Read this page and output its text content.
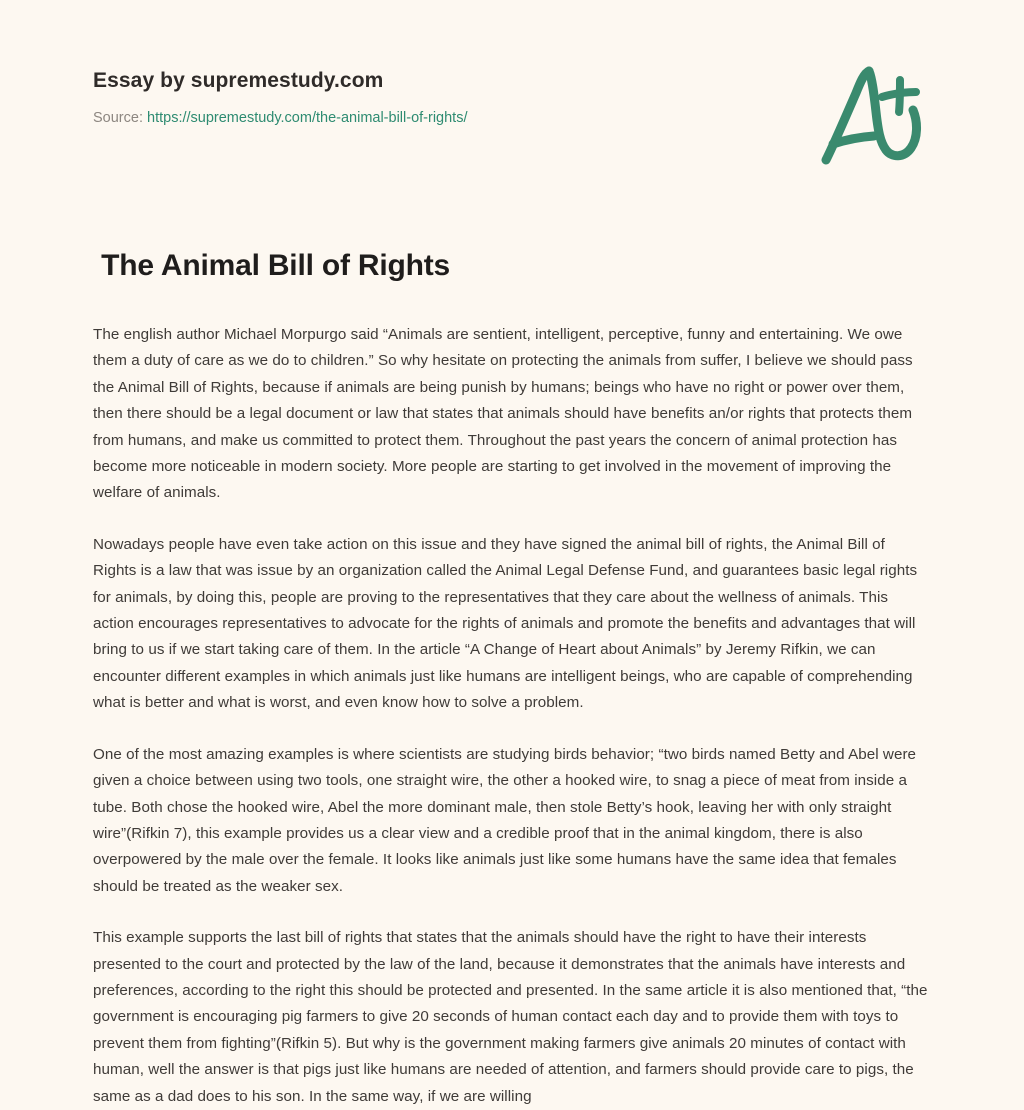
Essay by supremestudy.com
Source: https://supremestudy.com/the-animal-bill-of-rights/
The Animal Bill of Rights

The english author Michael Morpurgo said “Animals are sentient, intelligent, perceptive, funny and entertaining. We owe them a duty of care as we do to children.” So why hesitate on protecting the animals from suffer, I believe we should pass the Animal Bill of Rights, because if animals are being punish by humans; beings who have no right or power over them, then there should be a legal document or law that states that animals should have benefits an/or rights that protects them from humans, and make us committed to protect them. Throughout the past years the concern of animal protection has become more noticeable in modern society. More people are starting to get involved in the movement of improving the welfare of animals.

Nowadays people have even take action on this issue and they have signed the animal bill of rights, the Animal Bill of Rights is a law that was issue by an organization called the Animal Legal Defense Fund, and guarantees basic legal rights for animals, by doing this, people are proving to the representatives that they care about the wellness of animals. This action encourages representatives to advocate for the rights of animals and promote the benefits and advantages that will bring to us if we start taking care of them. In the article “A Change of Heart about Animals” by Jeremy Rifkin, we can encounter different examples in which animals just like humans are intelligent beings, who are capable of comprehending what is better and what is worst, and even know how to solve a problem.

One of the most amazing examples is where scientists are studying birds behavior; “two birds named Betty and Abel were given a choice between using two tools, one straight wire, the other a hooked wire, to snag a piece of meat from inside a tube. Both chose the hooked wire, Abel the more dominant male, then stole Betty’s hook, leaving her with only straight wire”(Rifkin 7), this example provides us a clear view and a credible proof that in the animal kingdom, there is also overpowered by the male over the female. It looks like animals just like some humans have the same idea that females should be treated as the weaker sex.

This example supports the last bill of rights that states that the animals should have the right to have their interests presented to the court and protected by the law of the land, because it demonstrates that the animals have interests and preferences, according to the right this should be protected and presented. In the same article it is also mentioned that, “the government is encouraging pig farmers to give 20 seconds of human contact each day and to provide them with toys to prevent them from fighting”(Rifkin 5). But why is the government making farmers give animals 20 minutes of contact with human, well the answer is that pigs just like humans are needed of attention, and farmers should provide care to pigs, the same as a dad does to his son. In the same way, if we are willing
